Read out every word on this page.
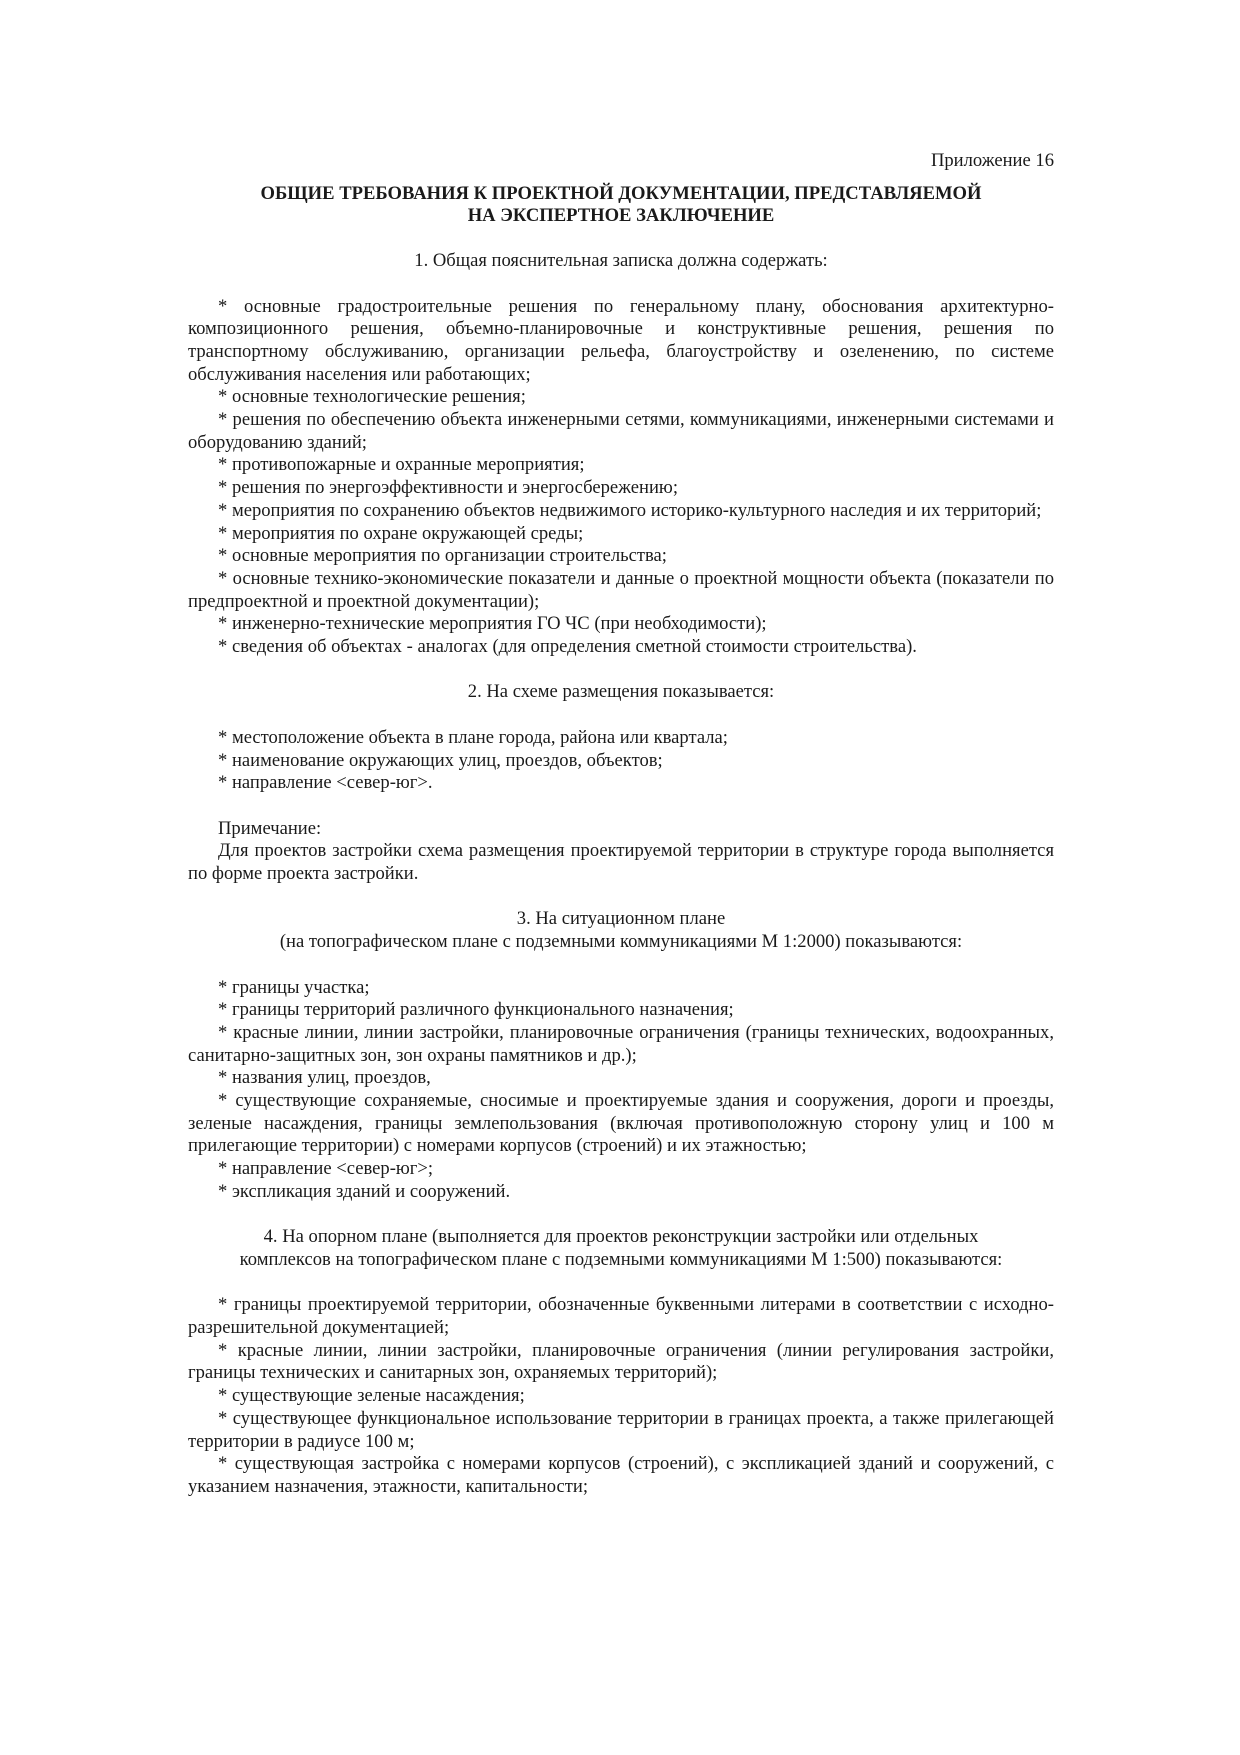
Приложение 16

ОБЩИЕ ТРЕБОВАНИЯ К ПРОЕКТНОЙ ДОКУМЕНТАЦИИ, ПРЕДСТАВЛЯЕМОЙ
НА ЭКСПЕРТНОЕ ЗАКЛЮЧЕНИЕ

1. Общая пояснительная записка должна содержать:

* основные градостроительные решения по генеральному плану, обоснования архитектурно-композиционного решения, объемно-планировочные и конструктивные решения, решения по транспортному обслуживанию, организации рельефа, благоустройству и озеленению, по системе обслуживания населения или работающих;

* основные технологические решения;

* решения по обеспечению объекта инженерными сетями, коммуникациями, инженерными системами и оборудованию зданий;

* противопожарные и охранные мероприятия;

* решения по энергоэффективности и энергосбережению;

* мероприятия по сохранению объектов недвижимого историко-культурного наследия и их территорий;

* мероприятия по охране окружающей среды;

* основные мероприятия по организации строительства;

* основные технико-экономические показатели и данные о проектной мощности объекта (показатели по предпроектной и проектной документации);

* инженерно-технические мероприятия ГО ЧС (при необходимости);

* сведения об объектах - аналогах (для определения сметной стоимости строительства).

2. На схеме размещения показывается:

* местоположение объекта в плане города, района или квартала;

* наименование окружающих улиц, проездов, объектов;

* направление <север-юг>.

Примечание:

Для проектов застройки схема размещения проектируемой территории в структуре города выполняется по форме проекта застройки.

3. На ситуационном плане
(на топографическом плане с подземными коммуникациями М 1:2000) показываются:

* границы участка;

* границы территорий различного функционального назначения;

* красные линии, линии застройки, планировочные ограничения (границы технических, водоохранных, санитарно-защитных зон, зон охраны памятников и др.);

* названия улиц, проездов,

* существующие сохраняемые, сносимые и проектируемые здания и сооружения, дороги и проезды, зеленые насаждения, границы землепользования (включая противоположную сторону улиц и 100 м прилегающие территории) с номерами корпусов (строений) и их этажностью;

* направление <север-юг>;

* экспликация зданий и сооружений.

4. На опорном плане (выполняется для проектов реконструкции застройки или отдельных
комплексов на топографическом плане с подземными коммуникациями М 1:500) показываются:

* границы проектируемой территории, обозначенные буквенными литерами в соответствии с исходно-разрешительной документацией;

* красные линии, линии застройки, планировочные ограничения (линии регулирования застройки, границы технических и санитарных зон, охраняемых территорий);

* существующие зеленые насаждения;

* существующее функциональное использование территории в границах проекта, а также прилегающей территории в радиусе 100 м;

* существующая застройка с номерами корпусов (строений), с экспликацией зданий и сооружений, с указанием назначения, этажности, капитальности;
